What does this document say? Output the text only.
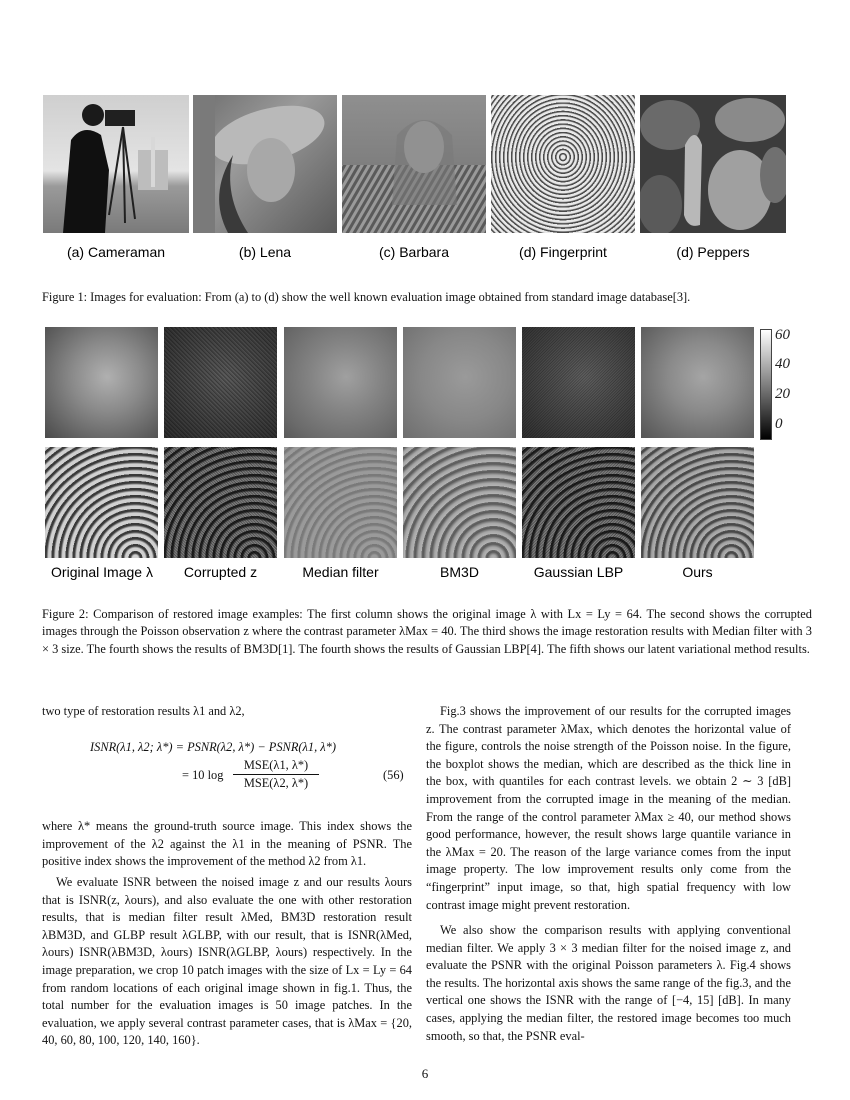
(a) Cameraman	(b) Lena	(c) Barbara	(d) Fingerprint	(d) Peppers
Figure 1: Images for evaluation: From (a) to (d) show the well known evaluation image obtained from standard image database[3].
60
40
20
0
Original Image λ	Corrupted z	Median filter	BM3D	Gaussian LBP	Ours
Figure 2: Comparison of restored image examples: The first column shows the original image λ with Lx = Ly = 64. The second shows the corrupted images through the Poisson observation z where the contrast parameter λMax = 40. The third shows the image restoration results with Median filter with 3 × 3 size. The fourth shows the results of BM3D[1]. The fourth shows the results of Gaussian LBP[4]. The fifth shows our latent variational method results.
two type of restoration results λ1 and λ2,
ISNR(λ1, λ2; λ*) = PSNR(λ2, λ*) − PSNR(λ1, λ*)
= 10 log
MSE(λ1, λ*)
MSE(λ2, λ*)
(56)

where λ* means the ground-truth source image. This index shows the improvement of the λ2 against the λ1 in the meaning of PSNR. The positive index shows the improvement of the method λ2 from λ1.

We evaluate ISNR between the noised image z and our results λours that is ISNR(z, λours), and also evaluate the one with other restoration results, that is median filter result λMed, BM3D restoration result λBM3D, and GLBP result λGLBP, with our result, that is ISNR(λMed, λours) ISNR(λBM3D, λours) ISNR(λGLBP, λours) respectively. In the image preparation, we crop 10 patch images with the size of Lx = Ly = 64 from random locations of each original image shown in fig.1. Thus, the total number for the evaluation images is 50 image patches. In the evaluation, we apply several contrast parameter cases, that is λMax = {20, 40, 60, 80, 100, 120, 140, 160}.

Fig.3 shows the improvement of our results for the corrupted images z. The contrast parameter λMax, which denotes the horizontal value of the figure, controls the noise strength of the Poisson noise. In the figure, the boxplot shows the median, which are described as the thick line in the box, with quantiles for each contrast levels. we obtain 2 ∼ 3 [dB] improvement from the corrupted image in the meaning of the median. From the range of the control parameter λMax ≥ 40, our method shows good performance, however, the result shows large quantile variance in the λMax = 20. The reason of the large variance comes from the input image property. The low improvement results only come from the “fingerprint” input image, so that, high spatial frequency with low contrast image might prevent restoration.

We also show the comparison results with applying conventional median filter. We apply 3 × 3 median filter for the noised image z, and evaluate the PSNR with the original Poisson parameters λ. Fig.4 shows the results. The horizontal axis shows the same range of the fig.3, and the vertical one shows the ISNR with the range of [−4, 15] [dB]. In many cases, applying the median filter, the restored image becomes too much smooth, so that, the PSNR eval-

6
